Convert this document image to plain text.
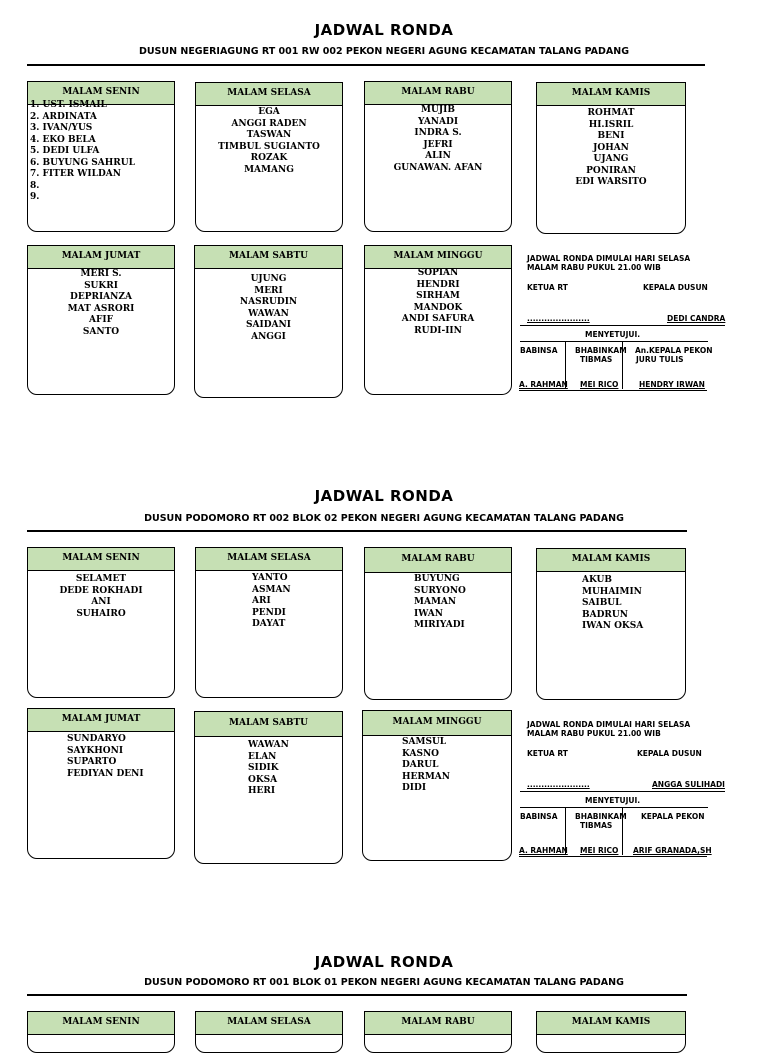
JADWAL RONDA
DUSUN NEGERIAGUNG RT 001 RW 002 PEKON NEGERI AGUNG KECAMATAN TALANG PADANG
MALAM SENIN
1. UST. ISMAIL
2. ARDINATA
3. IVAN/YUS
4. EKO BELA
5. DEDI ULFA
6. BUYUNG SAHRUL
7. FITER WILDAN
8.
9.
MALAM SELASA
EGA
ANGGI RADEN
TASWAN
TIMBUL SUGIANTO
ROZAK
MAMANG
MALAM RABU
MUJIB
YANADI
INDRA S.
JEFRI
ALIN
GUNAWAN. AFAN
MALAM KAMIS
ROHMAT
HI.ISRIL
BENI
JOHAN
UJANG
PONIRAN
EDI WARSITO
MALAM JUMAT
MERI S.
SUKRI
DEPRIANZA
MAT ASRORI
AFIF
SANTO
MALAM SABTU
UJUNG
MERI
NASRUDIN
WAWAN
SAIDANI
ANGGI
MALAM MINGGU
SOPIAN
HENDRI
SIRHAM
MANDOK
ANDI SAFURA
RUDI-IIN
JADWAL RONDA DIMULAI HARI SELASA
MALAM RABU PUKUL 21.00 WIB
KETUA RT	KEPALA DUSUN
......................	DEDI CANDRA
MENYETUJUI.
BABINSA BHABINKAM
TIBMAS
An.KEPALA PEKON
JURU TULIS
A. RAHMAN MEI RICO	HENDRY IRWAN
JADWAL RONDA
DUSUN PODOMORO RT 002 BLOK 02 PEKON NEGERI AGUNG KECAMATAN TALANG PADANG
MALAM SENIN
SELAMET
DEDE ROKHADI
ANI
SUHAIRO
MALAM SELASA
YANTO
ASMAN
ARI
PENDI
DAYAT
MALAM RABU
BUYUNG
SURYONO
MAMAN
IWAN
MIRIYADI
MALAM KAMIS
AKUB
MUHAIMIN
SAIBUL
BADRUN
IWAN OKSA
MALAM JUMAT
SUNDARYO
SAYKHONI
SUPARTO
FEDIYAN DENI
MALAM SABTU
WAWAN
ELAN
SIDIK
OKSA
HERI
MALAM MINGGU
SAMSUL
KASNO
DARUL
HERMAN
DIDI
JADWAL RONDA DIMULAI HARI SELASA
MALAM RABU PUKUL 21.00 WIB
KETUA RT	KEPALA DUSUN
......................	ANGGA SULIHADI
MENYETUJUI.
BABINSA BHABINKAM
TIBMAS
KEPALA PEKON
A. RAHMAN MEI RICO ARIF GRANADA,SH
JADWAL RONDA
DUSUN PODOMORO RT 001 BLOK 01 PEKON NEGERI AGUNG KECAMATAN TALANG PADANG
MALAM SENIN	MALAM SELASA	MALAM RABU	MALAM KAMIS
